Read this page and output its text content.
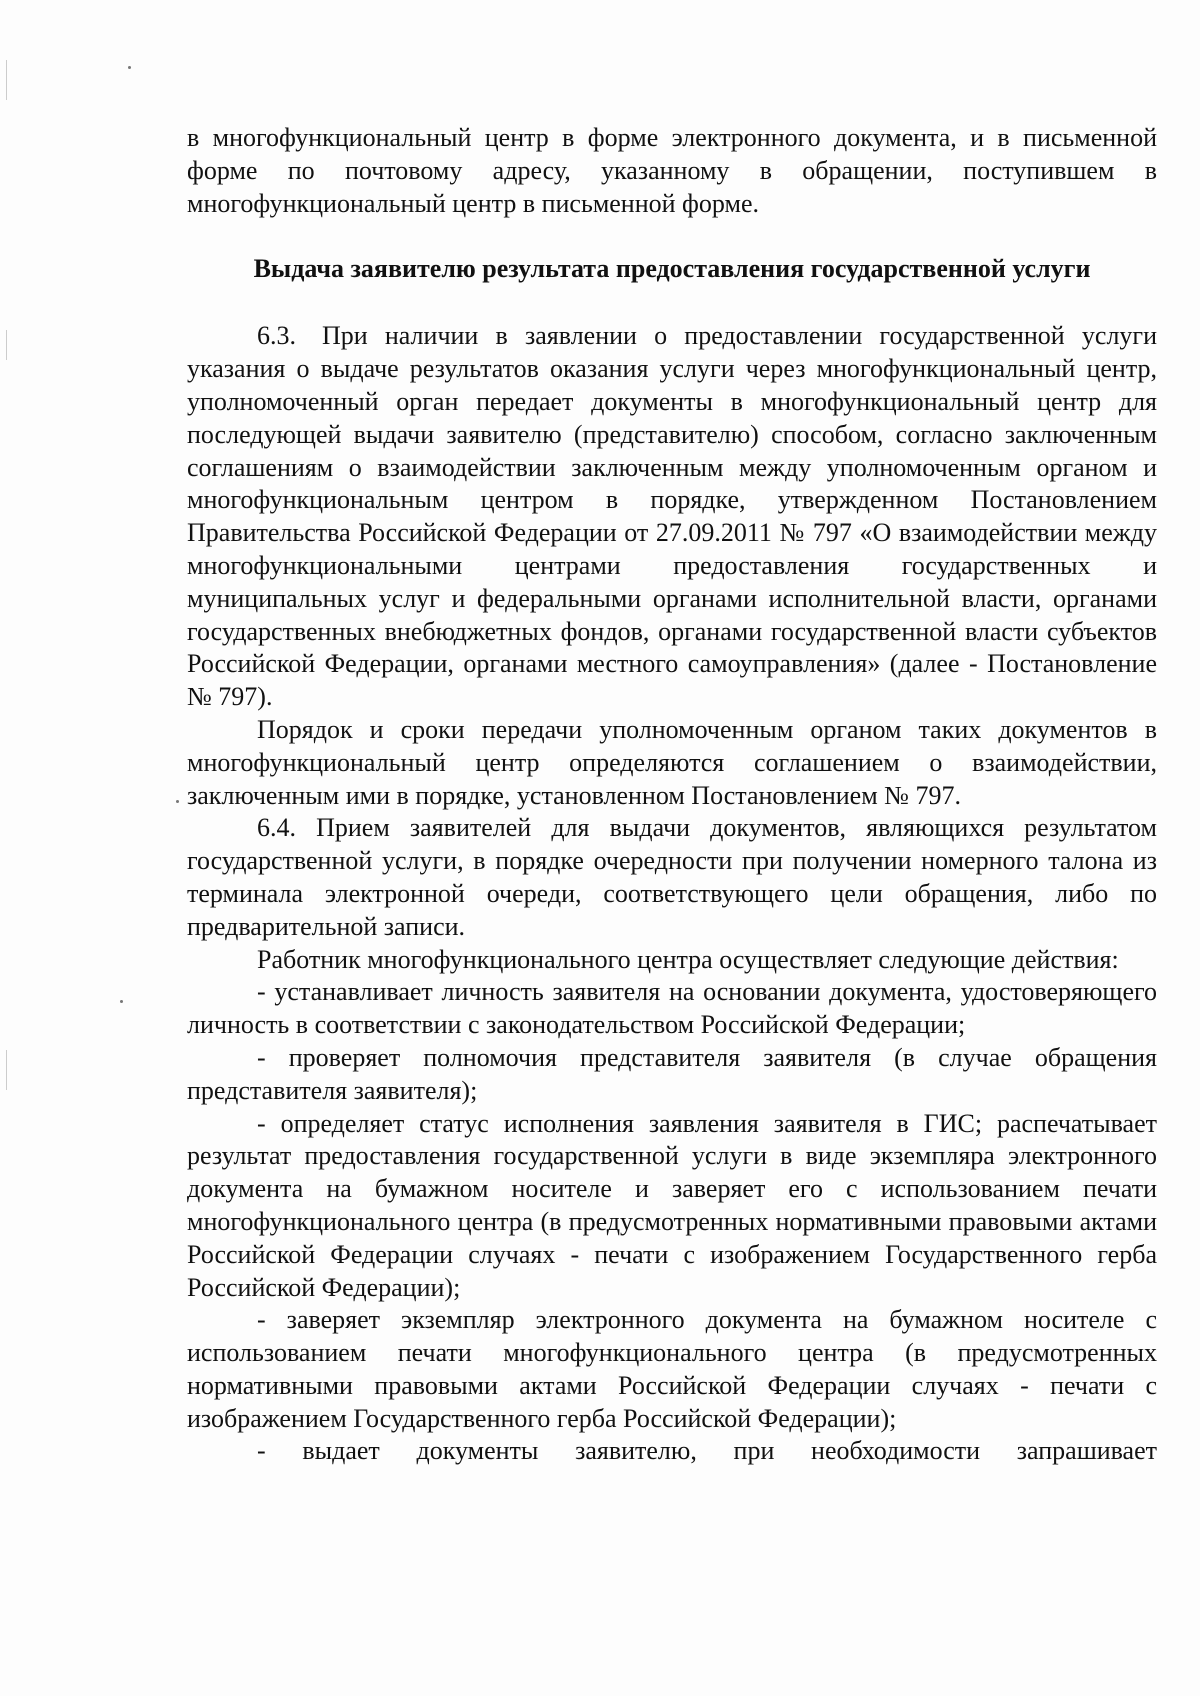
в многофункциональный центр в форме электронного документа, и в письменной форме по почтовому адресу, указанному в обращении, поступившем в многофункциональный центр в письменной форме.

Выдача заявителю результата предоставления государственной услуги

6.3. При наличии в заявлении о предоставлении государственной услуги указания о выдаче результатов оказания услуги через многофункциональный центр, уполномоченный орган передает документы в многофункциональный центр для последующей выдачи заявителю (представителю) способом, согласно заключенным соглашениям о взаимодействии заключенным между уполномоченным органом и многофункциональным центром в порядке, утвержденном Постановлением Правительства Российской Федерации от 27.09.2011 № 797 «О взаимодействии между многофункциональными центрами предоставления государственных и муниципальных услуг и федеральными органами исполнительной власти, органами государственных внебюджетных фондов, органами государственной власти субъектов Российской Федерации, органами местного самоуправления» (далее - Постановление № 797).

Порядок и сроки передачи уполномоченным органом таких документов в многофункциональный центр определяются соглашением о взаимодействии, заключенным ими в порядке, установленном Постановлением № 797.

6.4. Прием заявителей для выдачи документов, являющихся результатом государственной услуги, в порядке очередности при получении номерного талона из терминала электронной очереди, соответствующего цели обращения, либо по предварительной записи.

Работник многофункционального центра осуществляет следующие действия:

- устанавливает личность заявителя на основании документа, удостоверяющего личность в соответствии с законодательством Российской Федерации;

- проверяет полномочия представителя заявителя (в случае обращения представителя заявителя);

- определяет статус исполнения заявления заявителя в ГИС; распечатывает результат предоставления государственной услуги в виде экземпляра электронного документа на бумажном носителе и заверяет его с использованием печати многофункционального центра (в предусмотренных нормативными правовыми актами Российской Федерации случаях - печати с изображением Государственного герба Российской Федерации);

- заверяет экземпляр электронного документа на бумажном носителе с использованием печати многофункционального центра (в предусмотренных нормативными правовыми актами Российской Федерации случаях - печати с изображением Государственного герба Российской Федерации);

- выдает документы заявителю, при необходимости запрашивает
